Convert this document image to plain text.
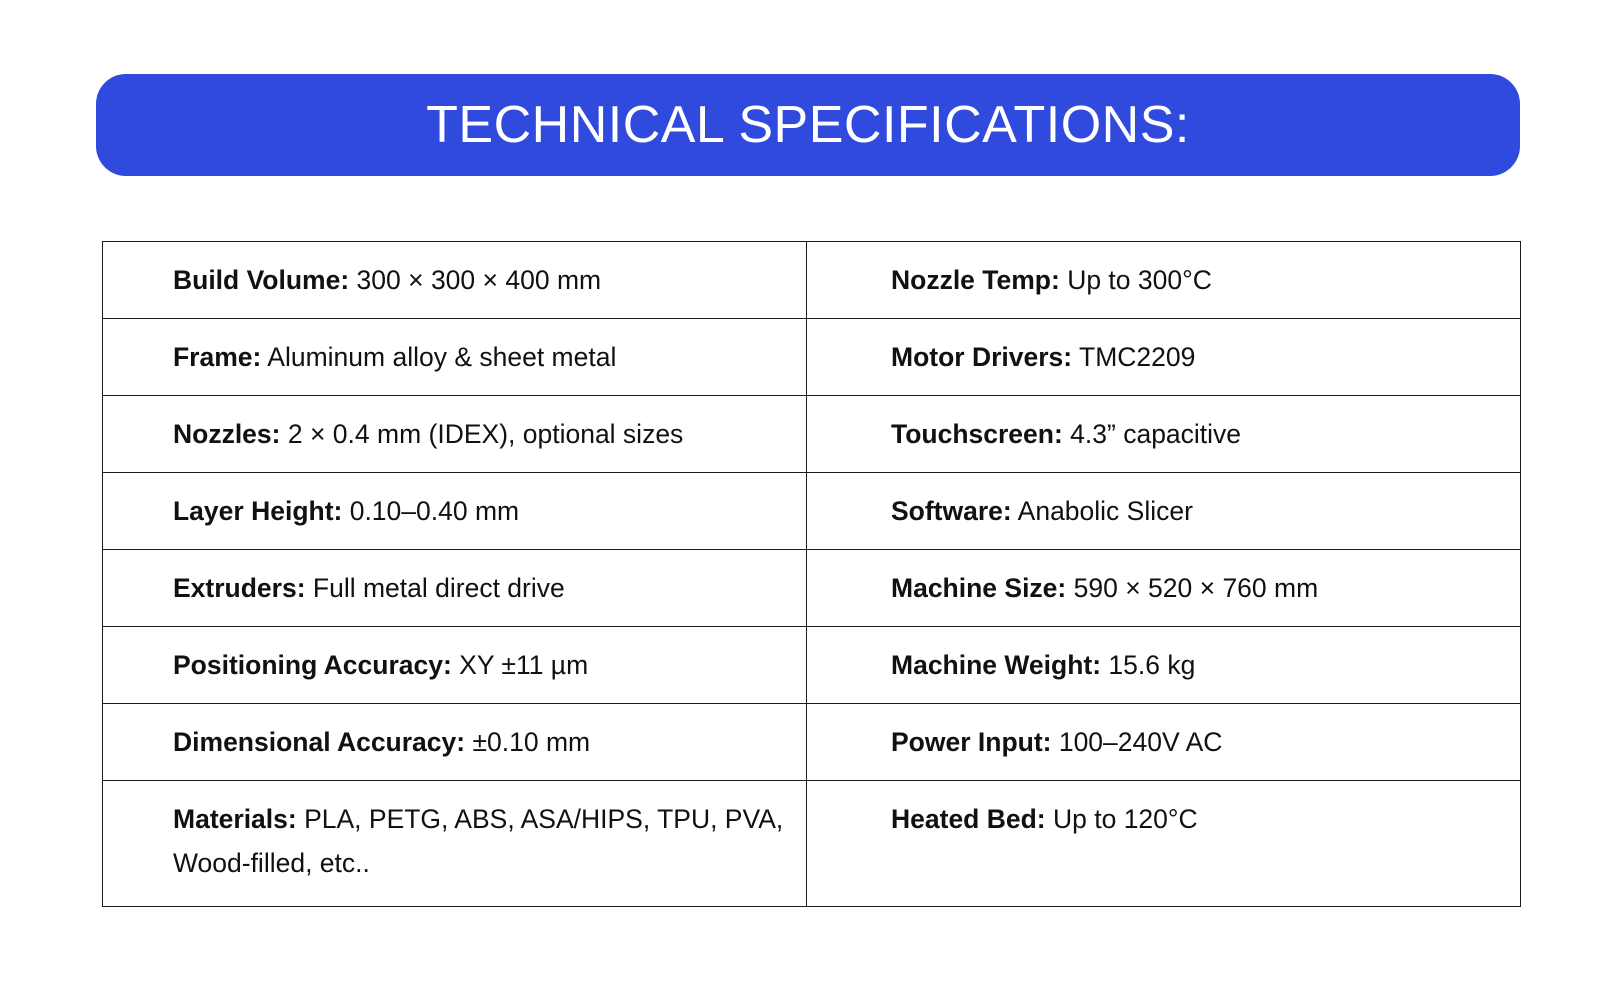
TECHNICAL SPECIFICATIONS:
Build Volume: 300 × 300 × 400 mm	Nozzle Temp: Up to 300°C
Frame: Aluminum alloy & sheet metal	Motor Drivers: TMC2209
Nozzles: 2 × 0.4 mm (IDEX), optional sizes	Touchscreen: 4.3” capacitive
Layer Height: 0.10–0.40 mm	Software: Anabolic Slicer
Extruders: Full metal direct drive	Machine Size: 590 × 520 × 760 mm
Positioning Accuracy: XY ±11 µm	Machine Weight: 15.6 kg
Dimensional Accuracy: ±0.10 mm	Power Input: 100–240V AC
Materials: PLA, PETG, ABS, ASA/HIPS, TPU, PVA, Wood-filled, etc..	Heated Bed: Up to 120°C
